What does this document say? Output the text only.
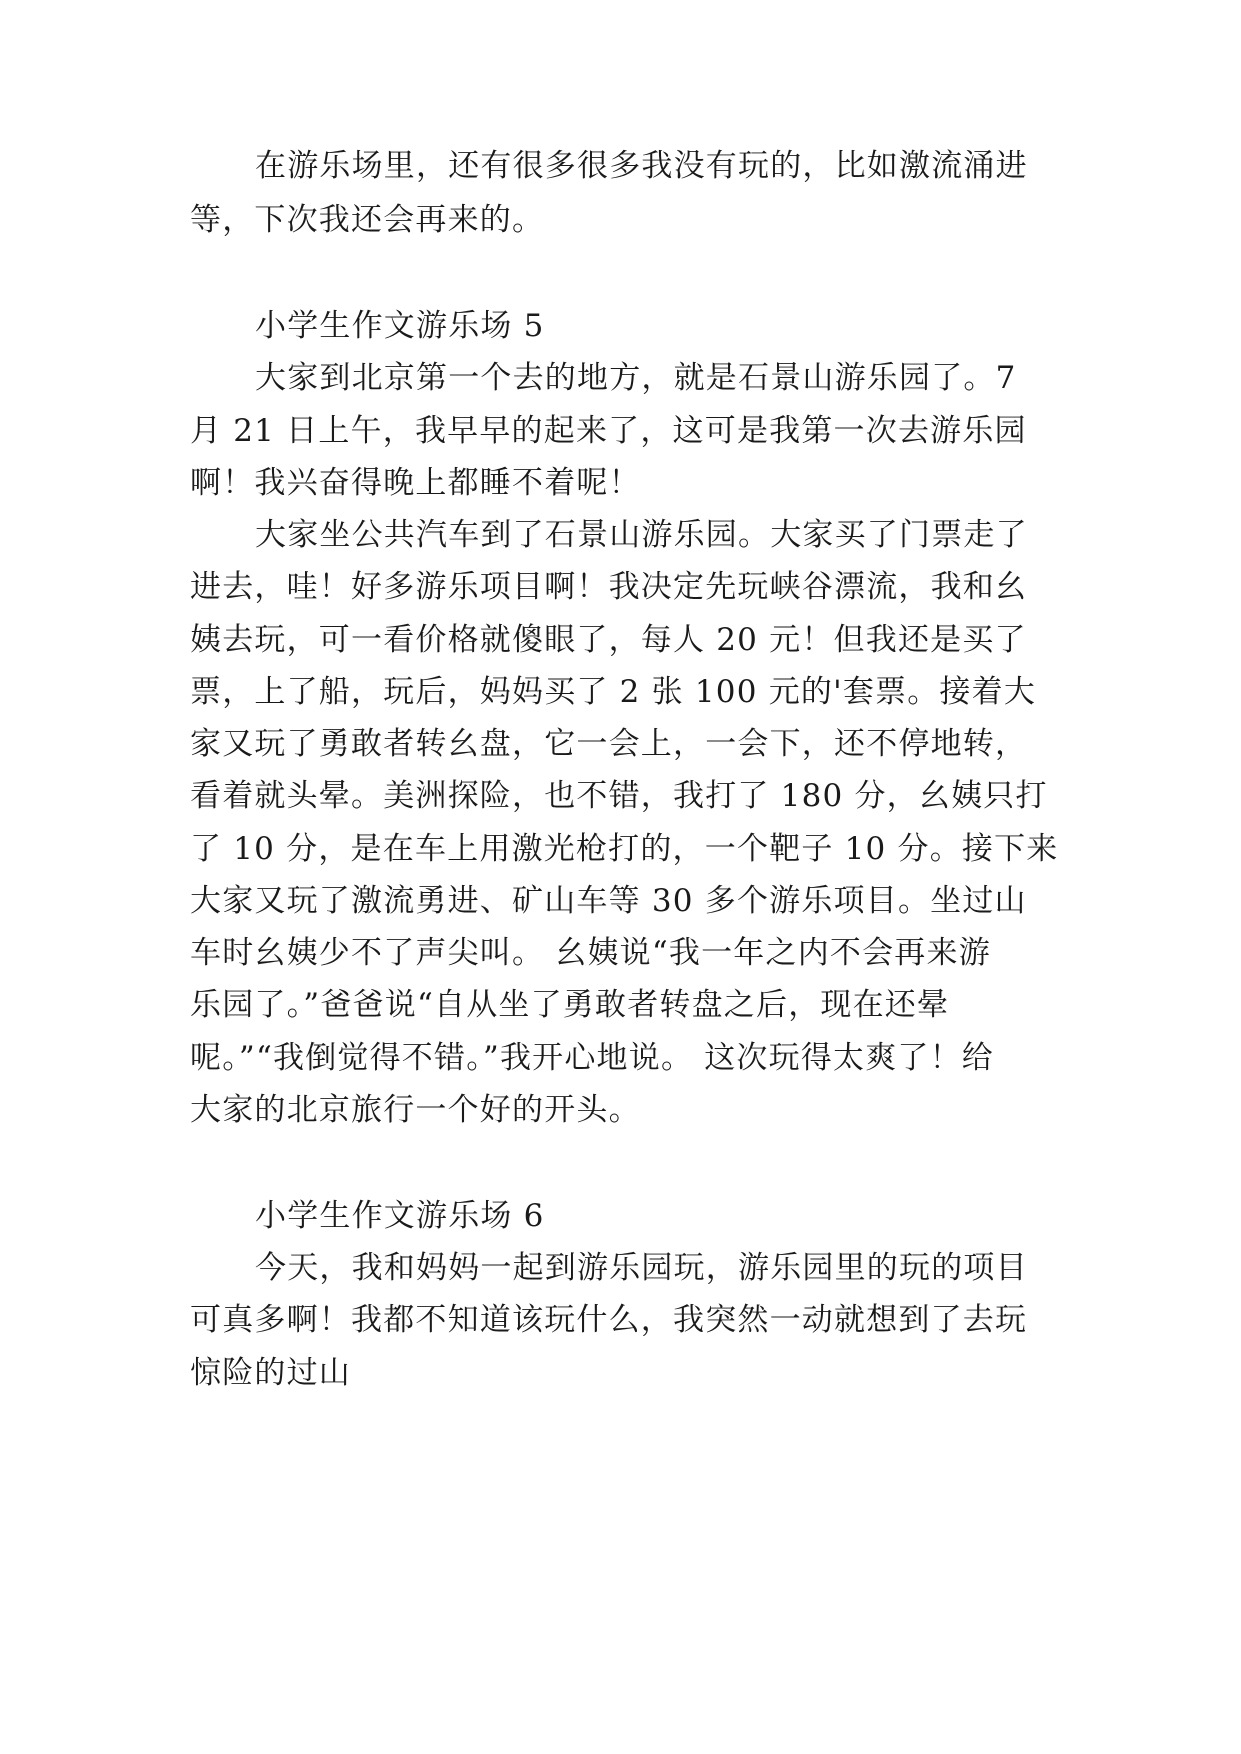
在游乐场里，还有很多很多我没有玩的，比如激流涌进
等，下次我还会再来的。
小学生作文游乐场 5
大家到北京第一个去的地方，就是石景山游乐园了。7
月 21 日上午，我早早的起来了，这可是我第一次去游乐园
啊！我兴奋得晚上都睡不着呢！
大家坐公共汽车到了石景山游乐园。大家买了门票走了
进去，哇！好多游乐项目啊！我决定先玩峡谷漂流，我和幺
姨去玩，可一看价格就傻眼了，每人 20 元！但我还是买了
票，上了船，玩后，妈妈买了 2 张 100 元的'套票。接着大
家又玩了勇敢者转幺盘，它一会上，一会下，还不停地转，
看着就头晕。美洲探险，也不错，我打了 180 分，幺姨只打
了 10 分，是在车上用激光枪打的，一个靶子 10 分。接下来
大家又玩了激流勇进、矿山车等 30 多个游乐项目。坐过山
车时幺姨少不了声尖叫。 幺姨说“我一年之内不会再来游
乐园了。”爸爸说“自从坐了勇敢者转盘之后，现在还晕
呢。”“我倒觉得不错。”我开心地说。 这次玩得太爽了！给
大家的北京旅行一个好的开头。
小学生作文游乐场 6
今天，我和妈妈一起到游乐园玩，游乐园里的玩的项目
可真多啊！我都不知道该玩什么，我突然一动就想到了去玩
惊险的过山
